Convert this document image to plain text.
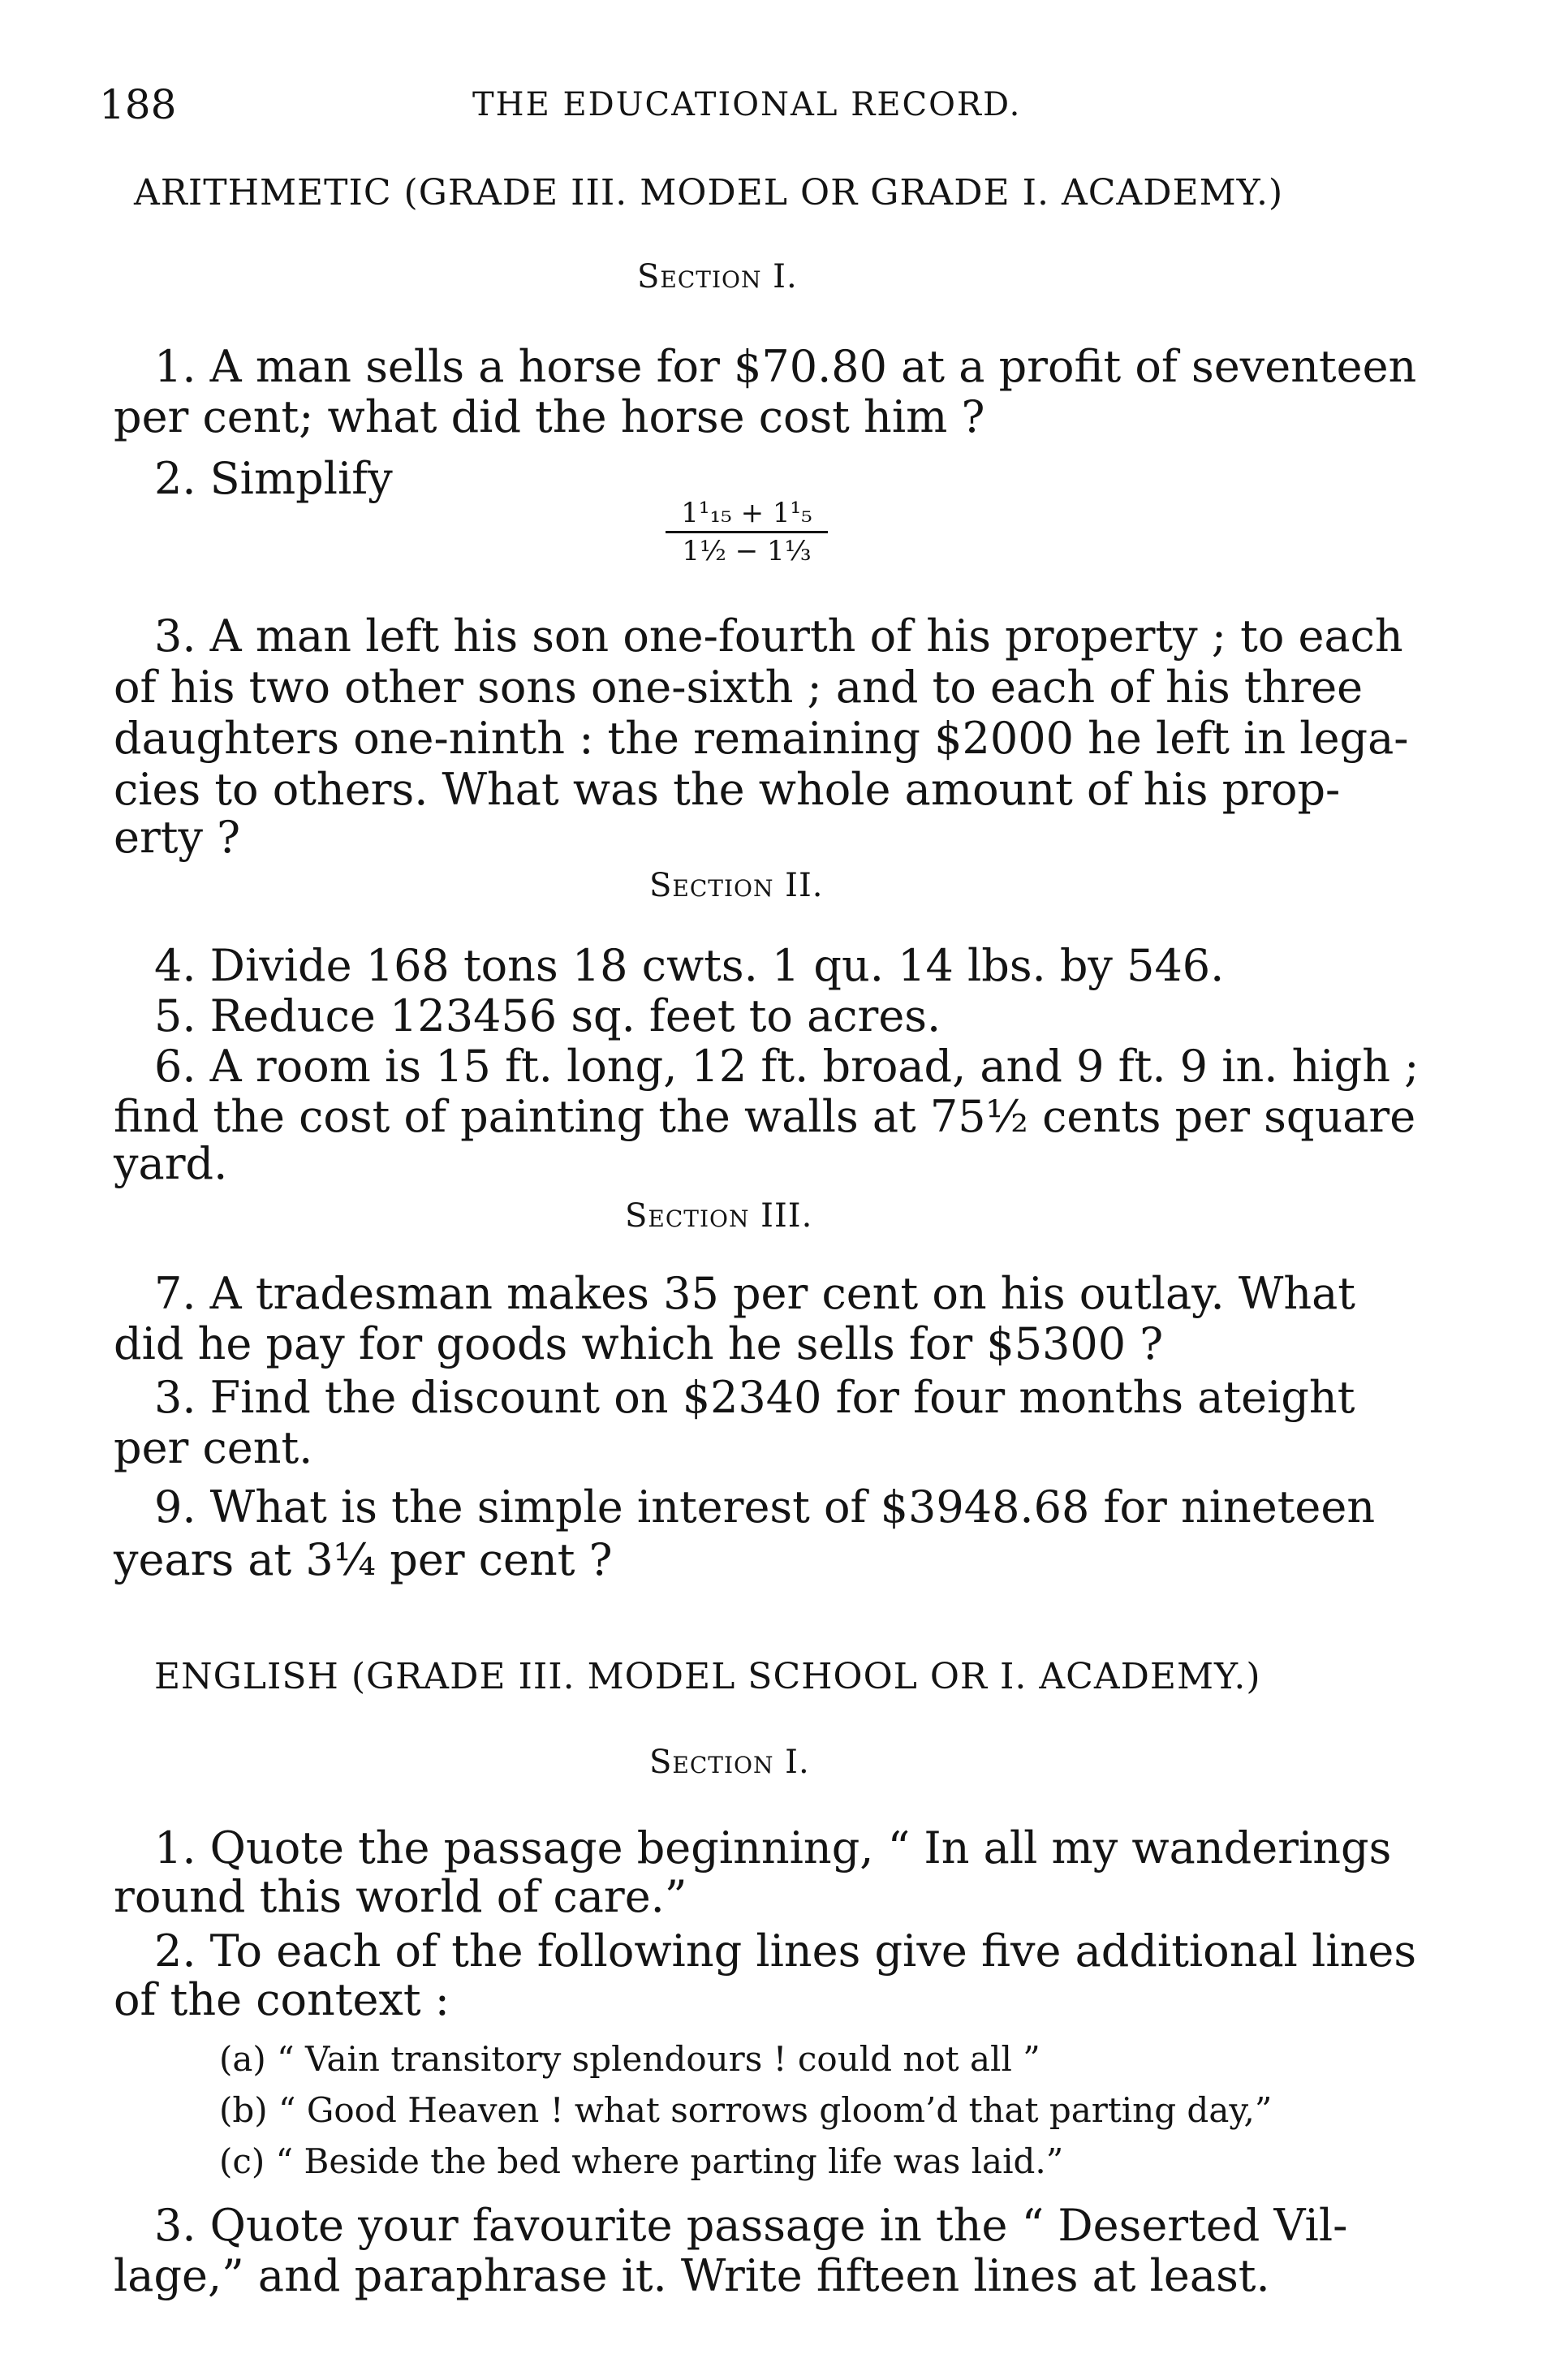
188	THE EDUCATIONAL RECORD.
ARITHMETIC (GRADE III. MODEL OR GRADE I. ACADEMY.)
Section I.
1. A man sells a horse for $70.80 at a profit of seventeen
per cent; what did the horse cost him ?
2. Simplify
$\frac{\text{1¹₁₅ + 1¹₅}}{\text{1½ − 1⅓}}$
3. A man left his son one-fourth of his property ; to each
of his two other sons one-sixth ; and to each of his three
daughters one-ninth : the remaining $2000 he left in lega-
cies to others. What was the whole amount of his prop-
erty ?
Section II.
4. Divide 168 tons 18 cwts. 1 qu. 14 lbs. by 546.
5. Reduce 123456 sq. feet to acres.
6. A room is 15 ft. long, 12 ft. broad, and 9 ft. 9 in. high ;
find the cost of painting the walls at 75½ cents per square
yard.
Section III.
7. A tradesman makes 35 per cent on his outlay. What
did he pay for goods which he sells for $5300 ?
3. Find the discount on $2340 for four months ateight
per cent.
9. What is the simple interest of $3948.68 for nineteen
years at 3¼ per cent ?
ENGLISH (GRADE III. MODEL SCHOOL OR I. ACADEMY.)
Section I.
1. Quote the passage beginning, “ In all my wanderings
round this world of care.”
2. To each of the following lines give five additional lines
of the context :
(a) “ Vain transitory splendours ! could not all ”
(b) “ Good Heaven ! what sorrows gloom’d that parting day,”
(c) “ Beside the bed where parting life was laid.”
3. Quote your favourite passage in the “ Deserted Vil-
lage,” and paraphrase it. Write fifteen lines at least.
